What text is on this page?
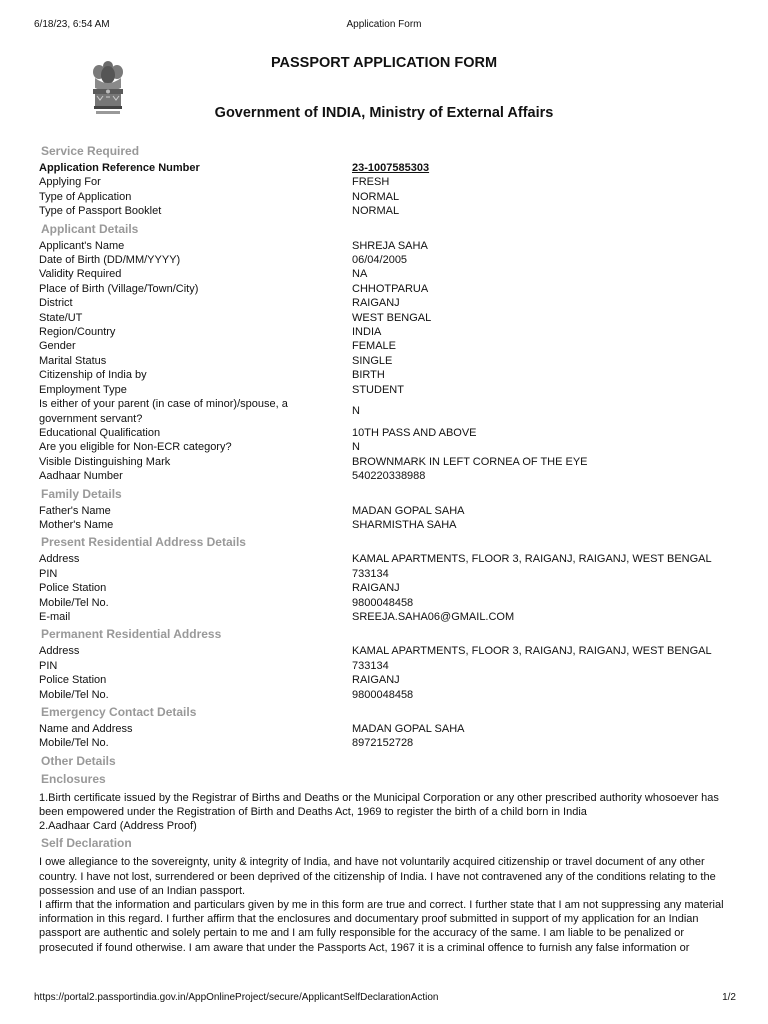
6/18/23, 6:54 AM	Application Form
PASSPORT APPLICATION FORM
Government of INDIA, Ministry of External Affairs
Service Required
Application Reference Number	23-1007585303
Applying For	FRESH
Type of Application	NORMAL
Type of Passport Booklet	NORMAL
Applicant Details
Applicant's Name	SHREJA SAHA
Date of Birth (DD/MM/YYYY)	06/04/2005
Validity Required	NA
Place of Birth (Village/Town/City)	CHHOTPARUA
District	RAIGANJ
State/UT	WEST BENGAL
Region/Country	INDIA
Gender	FEMALE
Marital Status	SINGLE
Citizenship of India by	BIRTH
Employment Type	STUDENT
Is either of your parent (in case of minor)/spouse, a government servant?
N
Educational Qualification	10TH PASS AND ABOVE
Are you eligible for Non-ECR category?	N
Visible Distinguishing Mark	BROWNMARK IN LEFT CORNEA OF THE EYE
Aadhaar Number	540220338988
Family Details
Father's Name	MADAN GOPAL SAHA
Mother's Name	SHARMISTHA SAHA
Present Residential Address Details
Address	KAMAL APARTMENTS, FLOOR 3, RAIGANJ, RAIGANJ, WEST BENGAL
PIN	733134
Police Station	RAIGANJ
Mobile/Tel No.	9800048458
E-mail	SREEJA.SAHA06@GMAIL.COM
Permanent Residential Address
Address	KAMAL APARTMENTS, FLOOR 3, RAIGANJ, RAIGANJ, WEST BENGAL
PIN	733134
Police Station	RAIGANJ
Mobile/Tel No.	9800048458
Emergency Contact Details
Name and Address	MADAN GOPAL SAHA
Mobile/Tel No.	8972152728
Other Details
Enclosures
1.Birth certificate issued by the Registrar of Births and Deaths or the Municipal Corporation or any other prescribed authority whosoever has been empowered under the Registration of Birth and Deaths Act, 1969 to register the birth of a child born in India
2.Aadhaar Card (Address Proof)
Self Declaration
I owe allegiance to the sovereignty, unity & integrity of India, and have not voluntarily acquired citizenship or travel document of any other country. I have not lost, surrendered or been deprived of the citizenship of India. I have not contravened any of the conditions relating to the possession and use of an Indian passport.
I affirm that the information and particulars given by me in this form are true and correct. I further state that I am not suppressing any material information in this regard. I further affirm that the enclosures and documentary proof submitted in support of my application for an Indian passport are authentic and solely pertain to me and I am fully responsible for the accuracy of the same. I am liable to be penalized or prosecuted if found otherwise. I am aware that under the Passports Act, 1967 it is a criminal offence to furnish any false information or
https://portal2.passportindia.gov.in/AppOnlineProject/secure/ApplicantSelfDeclarationAction	1/2
